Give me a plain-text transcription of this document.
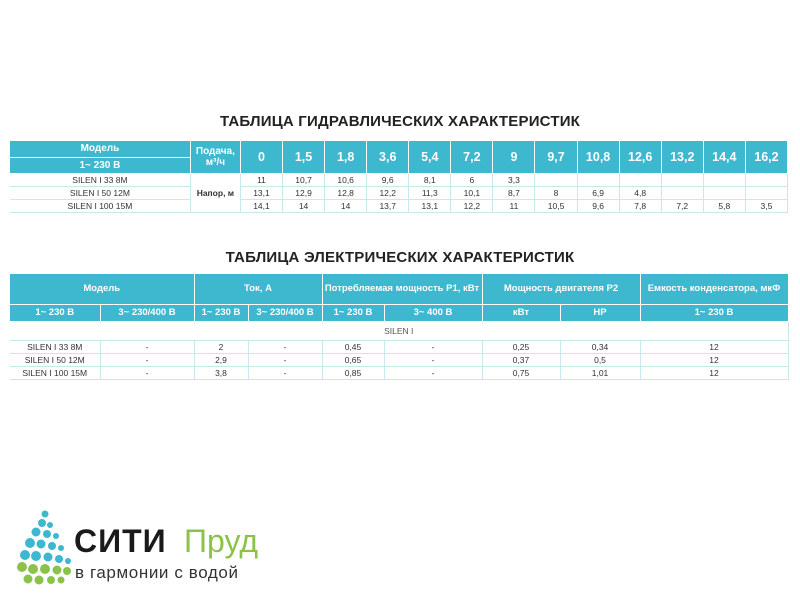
ТАБЛИЦА ГИДРАВЛИЧЕСКИХ ХАРАКТЕРИСТИК
Модель	Подача, м³/ч	0	1,5	1,8	3,6	5,4	7,2	9	9,7	10,8	12,6	13,2	14,4	16,2
1~ 230 В														
SILEN I 33 8M	Напор, м	11	10,7	10,6	9,6	8,1	6	3,3						
SILEN I 50 12M		13,1	12,9	12,8	12,2	11,3	10,1	8,7	8	6,9	4,8			
SILEN I 100 15M		14,1	14	14	13,7	13,1	12,2	11	10,5	9,6	7,8	7,2	5,8	3,5
ТАБЛИЦА ЭЛЕКТРИЧЕСКИХ ХАРАКТЕРИСТИК
Модель		Ток, А		Потребляемая мощность P1, кВт		Мощность двигателя P2		Емкость конденсатора, мкФ
1~ 230 В	3~ 230/400 В	1~ 230 В	3~ 230/400 В	1~ 230 В	3~ 400 В	кВт	HP	1~ 230 В
SILEN I								
SILEN I 33 8M	-	2	-	0,45	-	0,25	0,34	12
SILEN I 50 12M	-	2,9	-	0,65	-	0,37	0,5	12
SILEN I 100 15M	-	3,8	-	0,85	-	0,75	1,01	12
СИТИ Пруд
в гармонии с водой
